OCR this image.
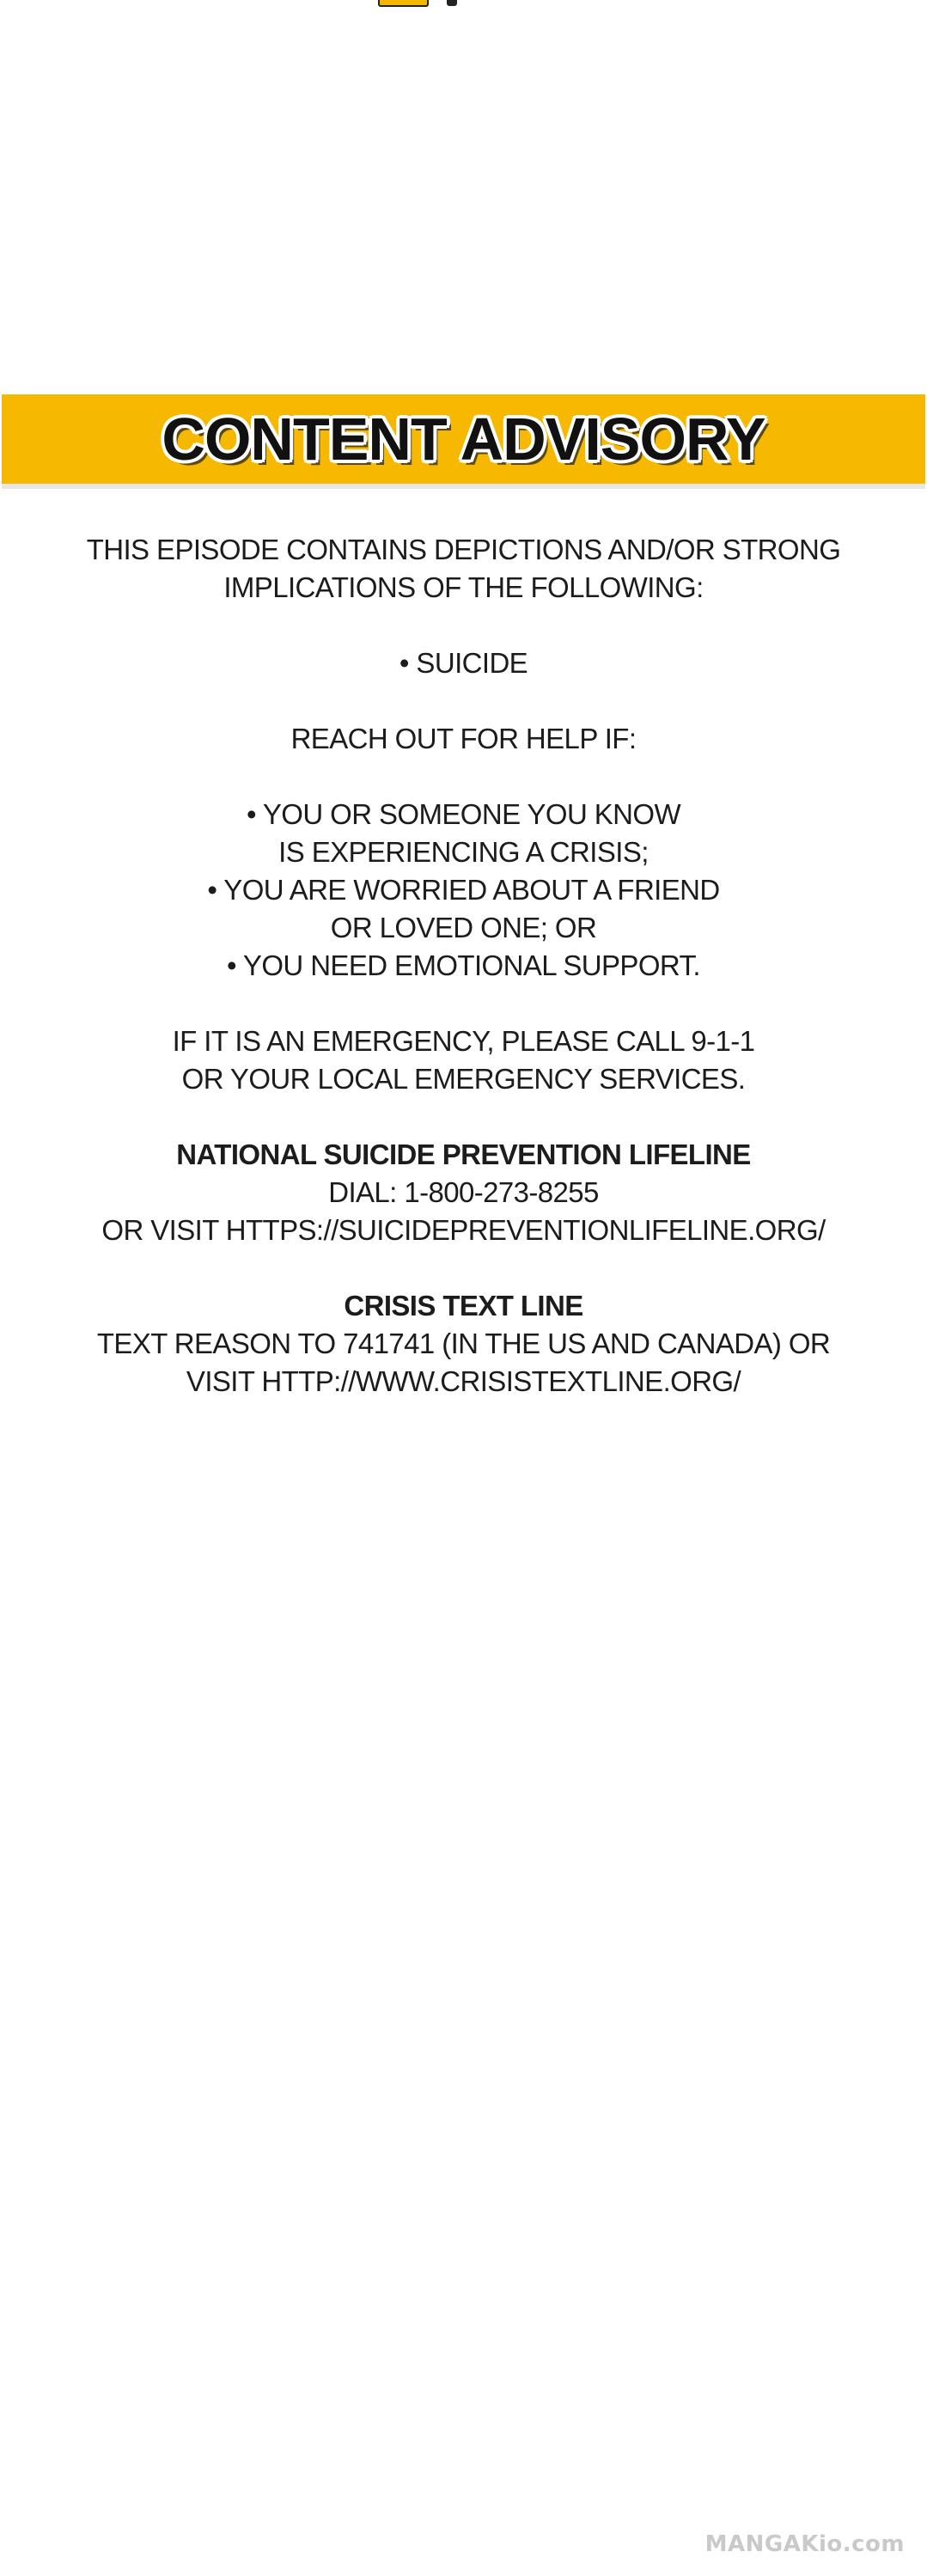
CONTENT ADVISORY

THIS EPISODE CONTAINS DEPICTIONS AND/OR STRONG
IMPLICATIONS OF THE FOLLOWING:

• SUICIDE

REACH OUT FOR HELP IF:

• YOU OR SOMEONE YOU KNOW
IS EXPERIENCING A CRISIS;
• YOU ARE WORRIED ABOUT A FRIEND
OR LOVED ONE; OR
• YOU NEED EMOTIONAL SUPPORT.

IF IT IS AN EMERGENCY, PLEASE CALL 9-1-1
OR YOUR LOCAL EMERGENCY SERVICES.

NATIONAL SUICIDE PREVENTION LIFELINE
DIAL: 1-800-273-8255
OR VISIT HTTPS://SUICIDEPREVENTIONLIFELINE.ORG/

CRISIS TEXT LINE
TEXT REASON TO 741741 (IN THE US AND CANADA) OR
VISIT HTTP://WWW.CRISISTEXTLINE.ORG/

MANGAKio.com
